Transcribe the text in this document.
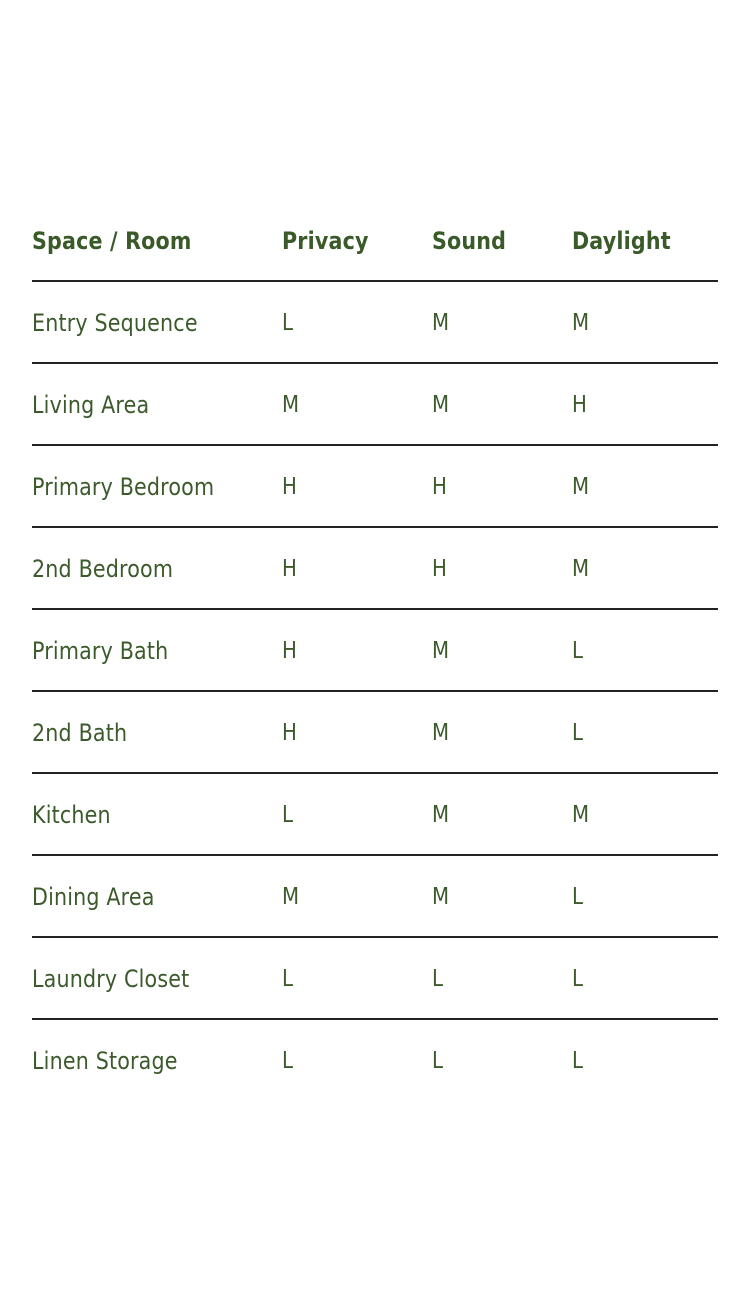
Space / Room	Privacy	Sound	Daylight
Entry Sequence	L	M	M
Living Area	M	M	H
Primary Bedroom	H	H	M
2nd Bedroom	H	H	M
Primary Bath	H	M	L
2nd Bath	H	M	L
Kitchen	L	M	M
Dining Area	M	M	L
Laundry Closet	L	L	L
Linen Storage	L	L	L
